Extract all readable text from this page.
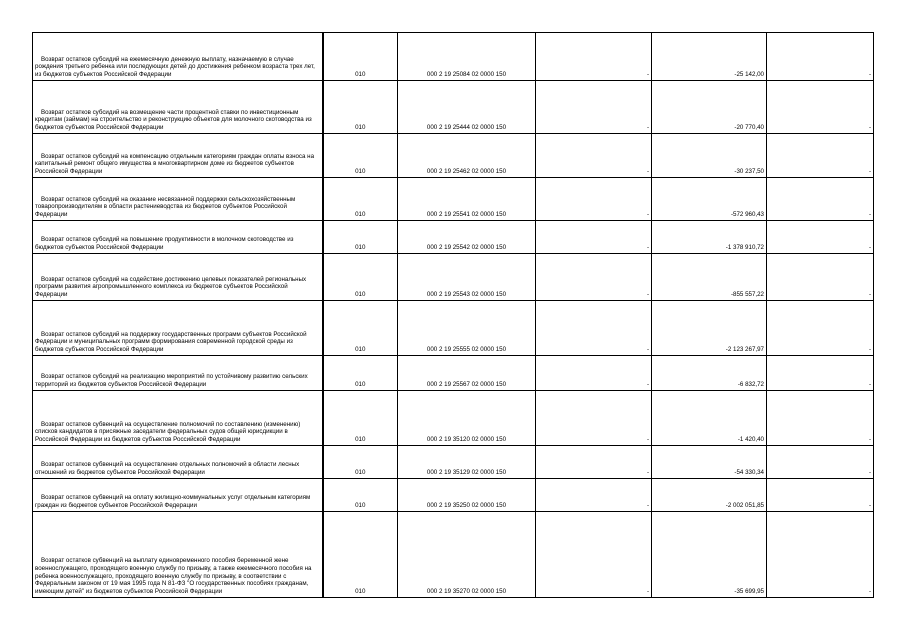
Возврат остатков субсидий на ежемесячную денежную выплату, назначаемую в случае рождения третьего ребенка или последующих детей до достижения ребенком возраста трех лет, из бюджетов субъектов Российской Федерации	010	000 2 19 25084 02 0000 150	-	-25 142,00	-
Возврат остатков субсидий на возмещение части процентной ставки по инвестиционным кредитам (займам) на строительство и реконструкцию объектов для молочного скотоводства из бюджетов субъектов Российской Федерации	010	000 2 19 25444 02 0000 150	-	-20 770,40	-
Возврат остатков субсидий на компенсацию отдельным категориям граждан оплаты взноса на капитальный ремонт общего имущества в многоквартирном доме из бюджетов субъектов Российской Федерации	010	000 2 19 25462 02 0000 150	-	-30 237,50	-
Возврат остатков субсидий на оказание несвязанной поддержки сельскохозяйственным товаропроизводителям в области растениеводства из бюджетов субъектов Российской Федерации	010	000 2 19 25541 02 0000 150	-	-572 960,43	-
Возврат остатков субсидий на повышение продуктивности в молочном скотоводстве из бюджетов субъектов Российской Федерации	010	000 2 19 25542 02 0000 150	-	-1 378 910,72	-
Возврат остатков субсидий на содействие достижению целевых показателей региональных программ развития агропромышленного комплекса из бюджетов субъектов Российской Федерации	010	000 2 19 25543 02 0000 150	-	-855 557,22	-
Возврат остатков субсидий на поддержку государственных программ субъектов Российской Федерации и муниципальных программ формирования современной городской среды из бюджетов субъектов Российской Федерации	010	000 2 19 25555 02 0000 150	-	-2 123 267,97	-
Возврат остатков субсидий на реализацию мероприятий по устойчивому развитию сельских территорий из бюджетов субъектов Российской Федерации	010	000 2 19 25567 02 0000 150	-	-6 832,72	-
Возврат остатков субвенций на осуществление полномочий по составлению (изменению) списков кандидатов в присяжные заседатели федеральных судов общей юрисдикции в Российской Федерации из бюджетов субъектов Российской Федерации	010	000 2 19 35120 02 0000 150	-	-1 420,40	-
Возврат остатков субвенций на осуществление отдельных полномочий в области лесных отношений из бюджетов субъектов Российской Федерации	010	000 2 19 35129 02 0000 150	-	-54 330,34	-
Возврат остатков субвенций на оплату жилищно-коммунальных услуг отдельным категориям граждан из бюджетов субъектов Российской Федерации	010	000 2 19 35250 02 0000 150	-	-2 002 051,85	-
Возврат остатков субвенций на выплату единовременного пособия беременной жене военнослужащего, проходящего военную службу по призыву, а также ежемесячного пособия на ребенка военнослужащего, проходящего военную службу по призыву, в соответствии с Федеральным законом от 19 мая 1995 года N 81-ФЗ "О государственных пособиях гражданам, имеющим детей" из бюджетов субъектов Российской Федерации	010	000 2 19 35270 02 0000 150	-	-35 699,95	-
